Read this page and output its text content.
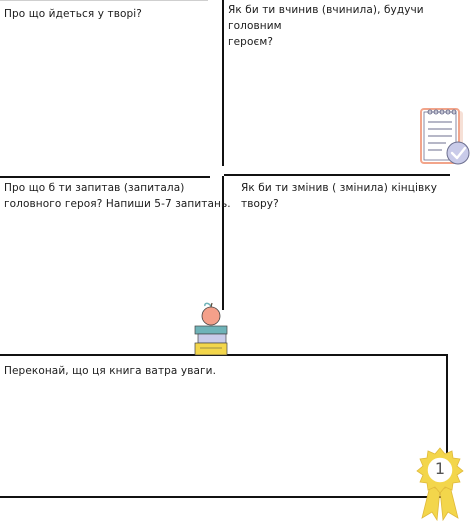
Про що йдеться у творі?	Як би ти вчинив (вчинила), будучи головним
героєм?

Про що б ти запитав (запитала)
головного героя? Напиши 5-7 запитань.

Як би ти змінив ( змінила) кінцівку
твору?

Переконай, що ця книга ватра уваги.

1
